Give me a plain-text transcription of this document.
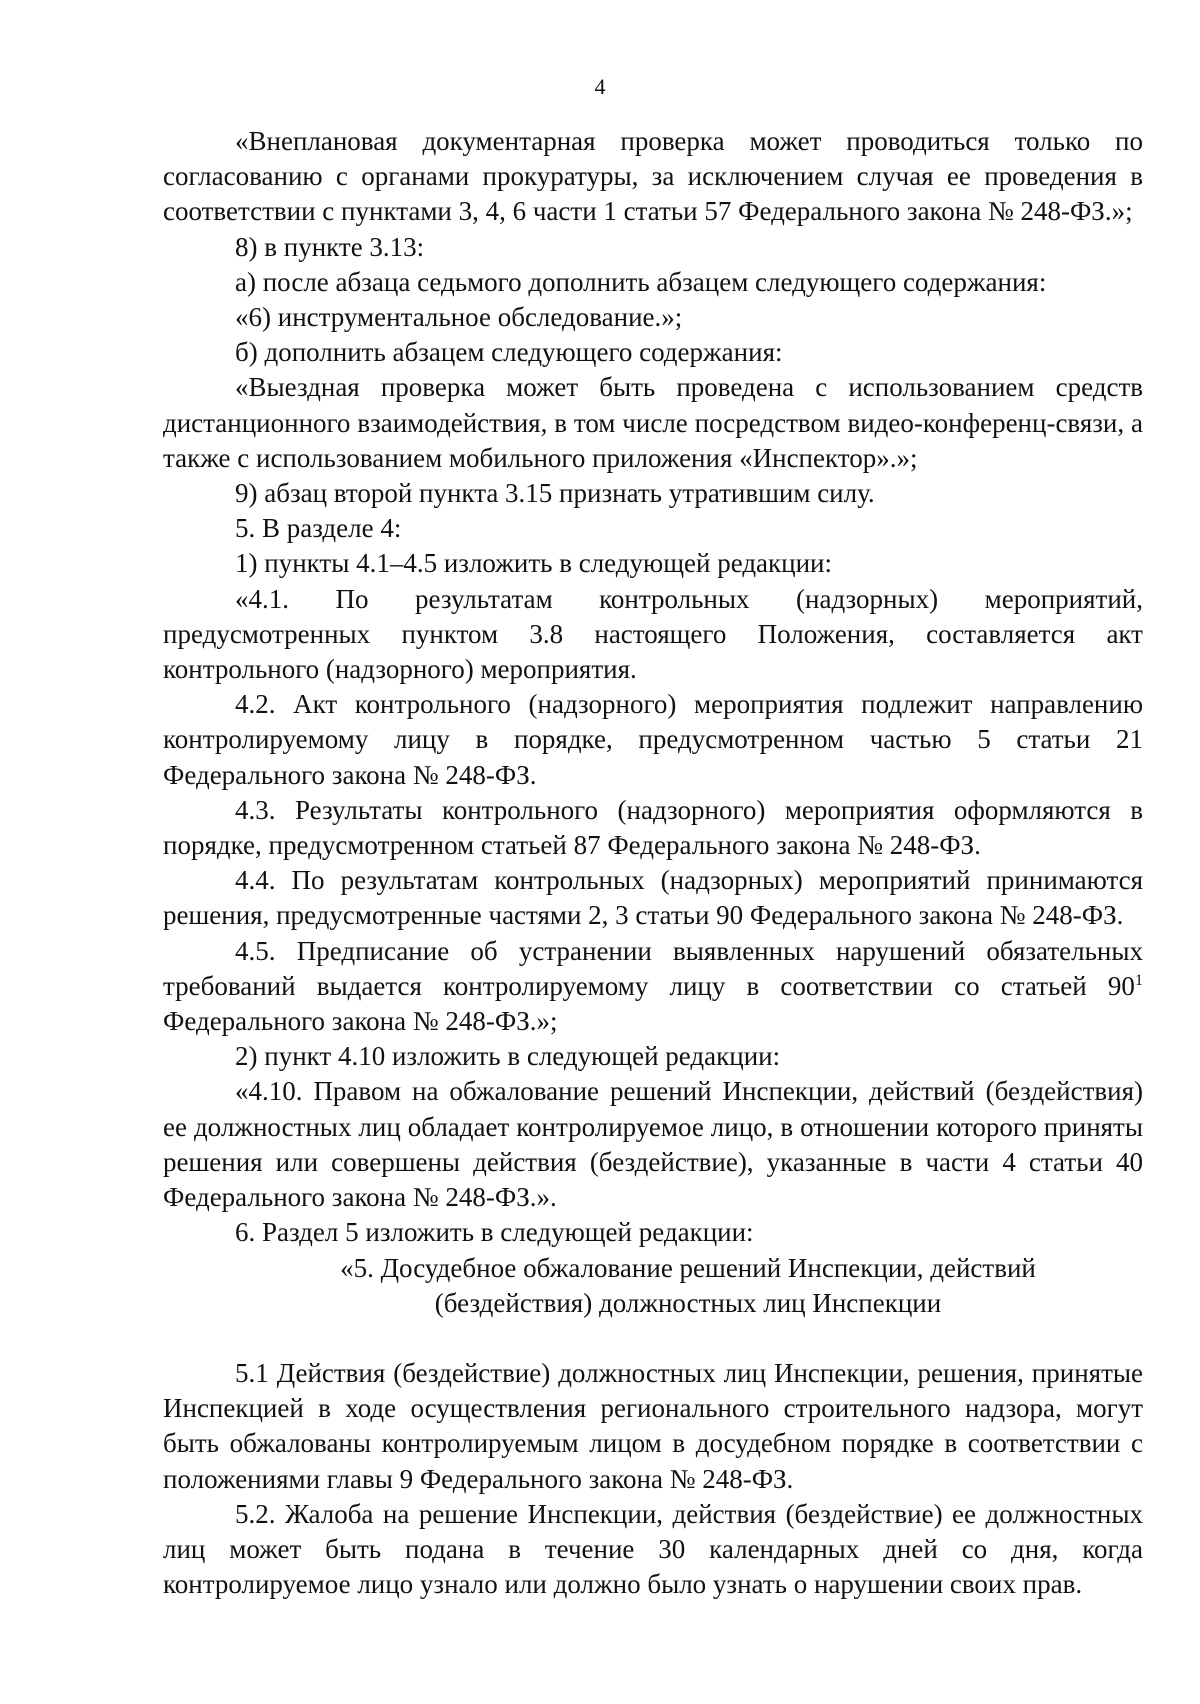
4

«Внеплановая документарная проверка может проводиться только по согласованию с органами прокуратуры, за исключением случая ее проведения в соответствии с пунктами 3, 4, 6 части 1 статьи 57 Федерального закона № 248-ФЗ.»;

8) в пункте 3.13:

а) после абзаца седьмого дополнить абзацем следующего содержания:

«6) инструментальное обследование.»;

б) дополнить абзацем следующего содержания:

«Выездная проверка может быть проведена с использованием средств дистанционного взаимодействия, в том числе посредством видео-конференц-связи, а также с использованием мобильного приложения «Инспектор».»;

9) абзац второй пункта 3.15 признать утратившим силу.

5. В разделе 4:

1) пункты 4.1–4.5 изложить в следующей редакции:

«4.1. По результатам контрольных (надзорных) мероприятий, предусмотренных пунктом 3.8 настоящего Положения, составляется акт контрольного (надзорного) мероприятия.

4.2. Акт контрольного (надзорного) мероприятия подлежит направлению контролируемому лицу в порядке, предусмотренном частью 5 статьи 21 Федерального закона № 248-ФЗ.

4.3. Результаты контрольного (надзорного) мероприятия оформляются в порядке, предусмотренном статьей 87 Федерального закона № 248-ФЗ.

4.4. По результатам контрольных (надзорных) мероприятий принимаются решения, предусмотренные частями 2, 3 статьи 90 Федерального закона № 248-ФЗ.

4.5. Предписание об устранении выявленных нарушений обязательных требований выдается контролируемому лицу в соответствии со статьей $90^1$ Федерального закона № 248-ФЗ.»;

2) пункт 4.10 изложить в следующей редакции:

«4.10. Правом на обжалование решений Инспекции, действий (бездействия) ее должностных лиц обладает контролируемое лицо, в отношении которого приняты решения или совершены действия (бездействие), указанные в части 4 статьи 40 Федерального закона № 248-ФЗ.».

6. Раздел 5 изложить в следующей редакции:

«5. Досудебное обжалование решений Инспекции, действий

(бездействия) должностных лиц Инспекции

5.1 Действия (бездействие) должностных лиц Инспекции, решения, принятые Инспекцией в ходе осуществления регионального строительного надзора, могут быть обжалованы контролируемым лицом в досудебном порядке в соответствии с положениями главы 9 Федерального закона № 248-ФЗ.

5.2. Жалоба на решение Инспекции, действия (бездействие) ее должностных лиц может быть подана в течение 30 календарных дней со дня, когда контролируемое лицо узнало или должно было узнать о нарушении своих прав.
